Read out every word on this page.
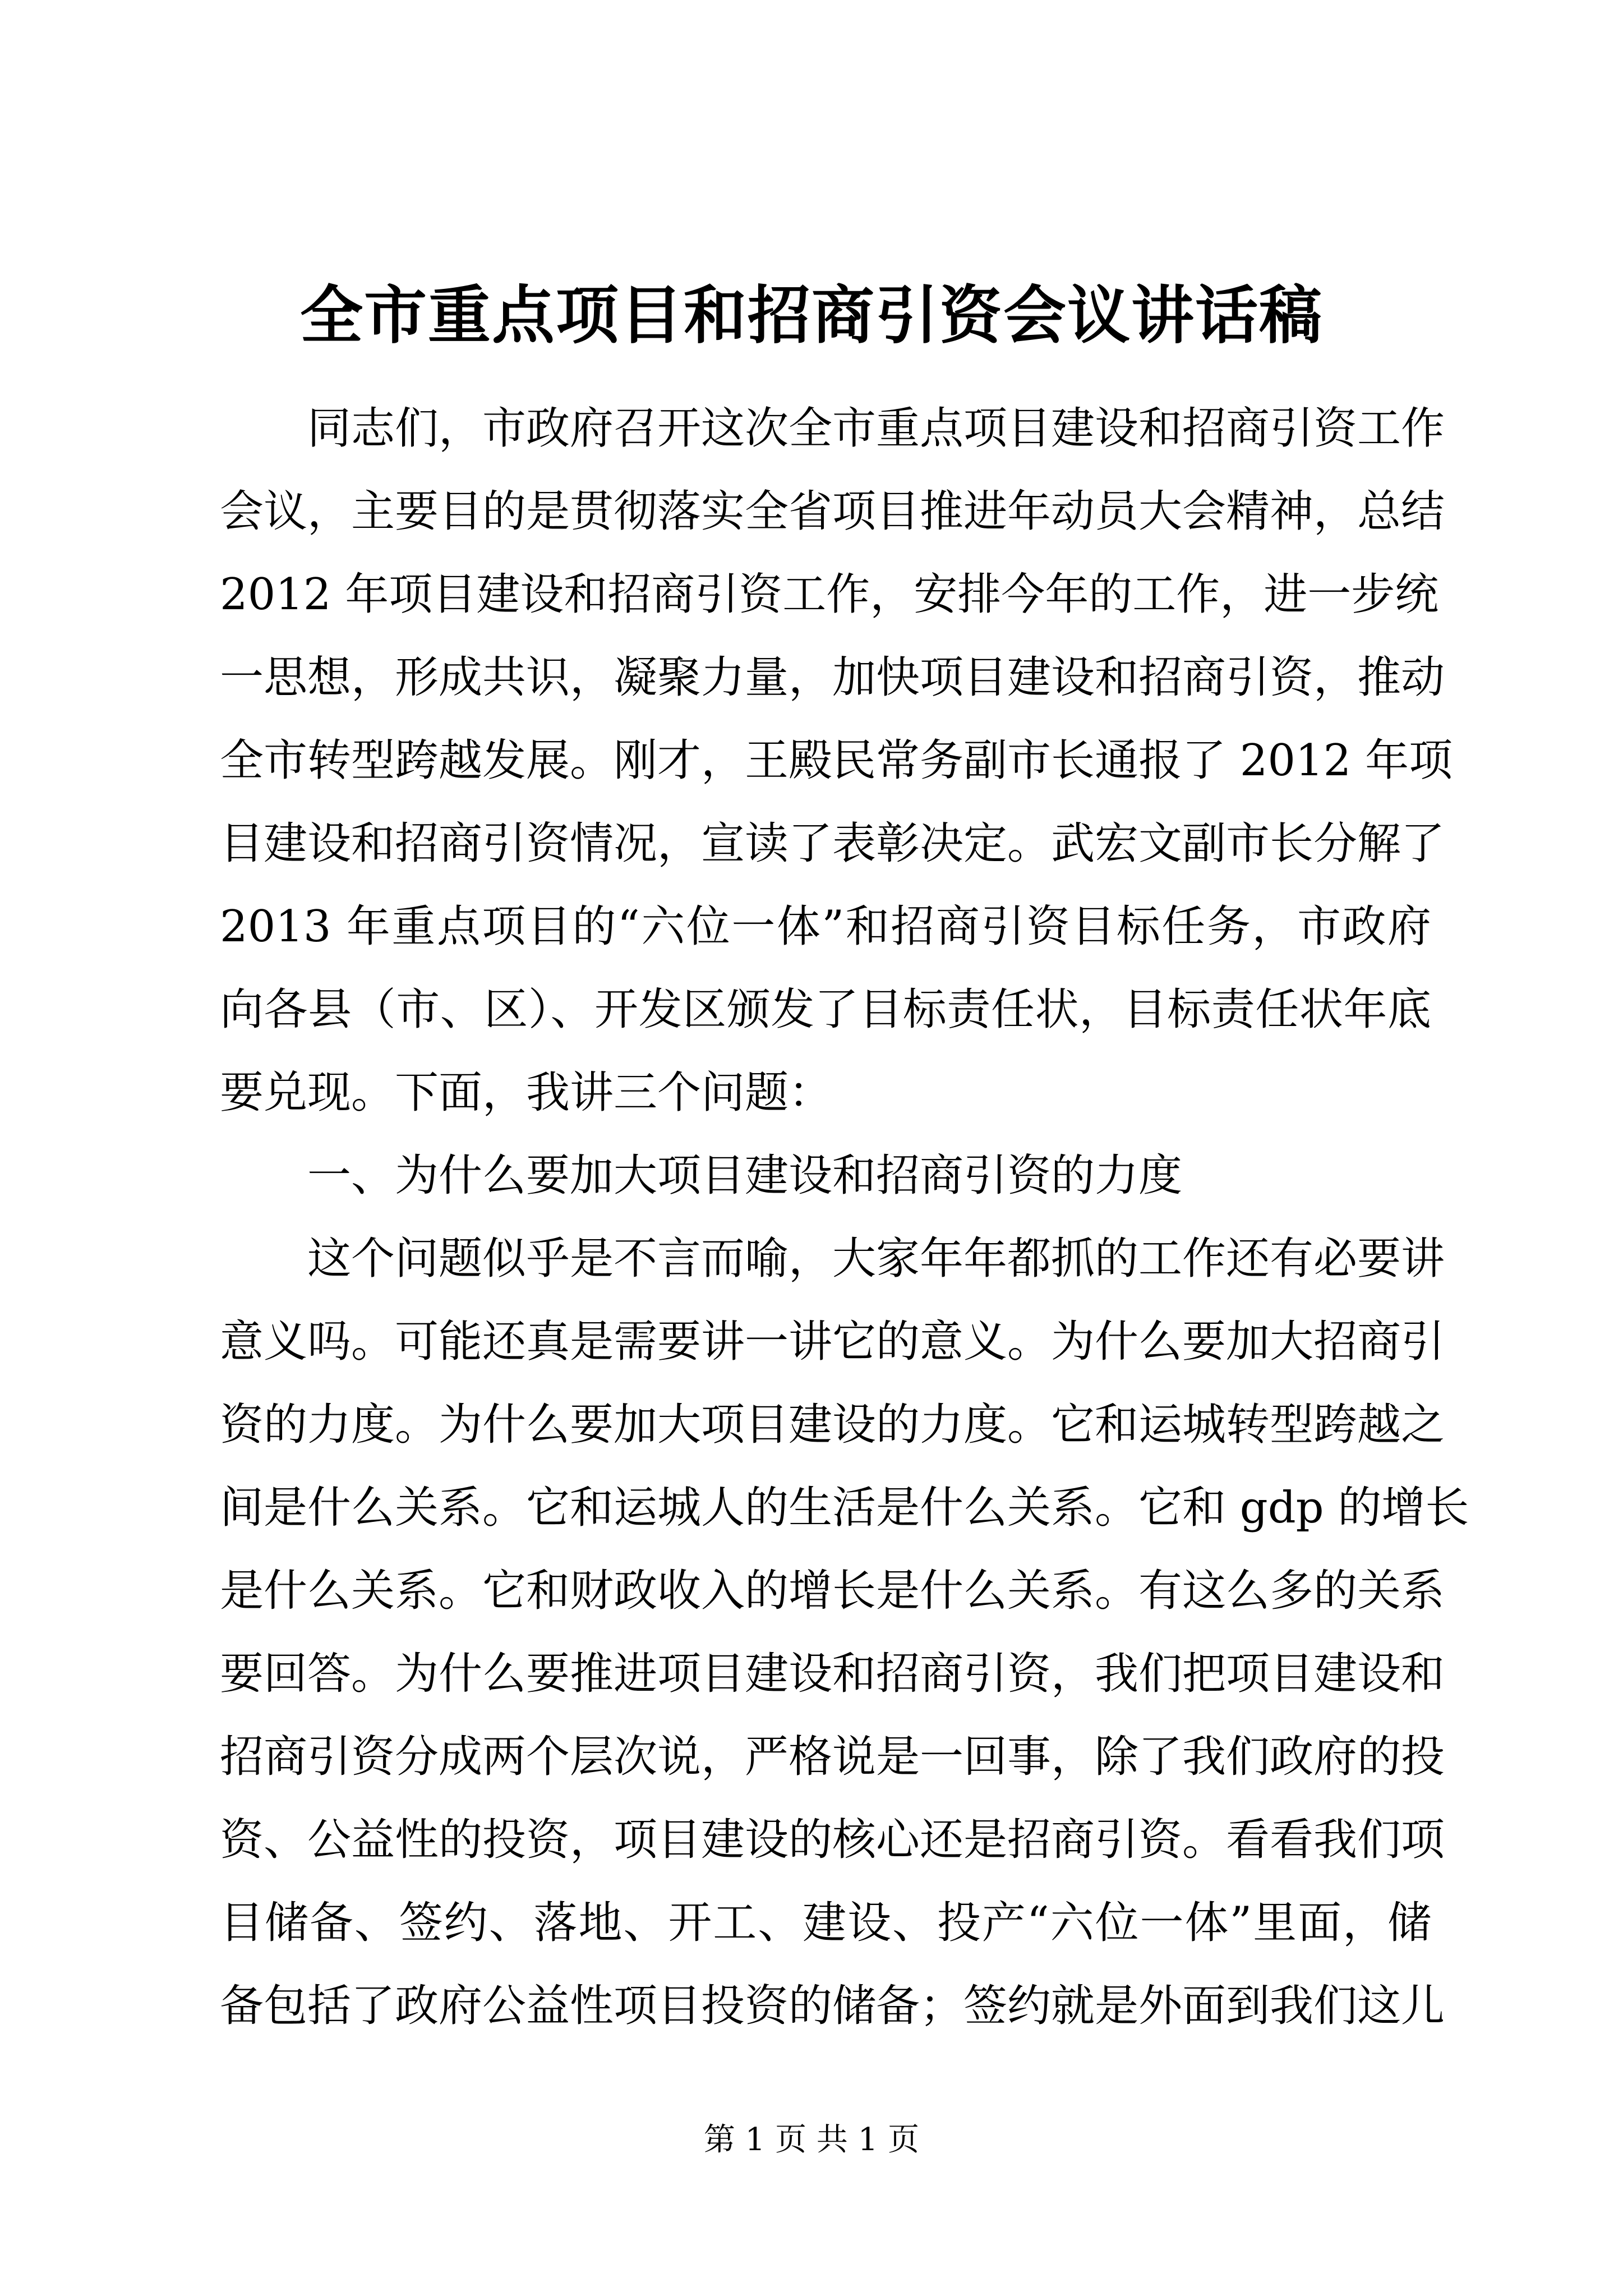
全市重点项目和招商引资会议讲话稿
同志们，市政府召开这次全市重点项目建设和招商引资工作
会议，主要目的是贯彻落实全省项目推进年动员大会精神，总结
2012 年项目建设和招商引资工作，安排今年的工作，进一步统
一思想，形成共识，凝聚力量，加快项目建设和招商引资，推动
全市转型跨越发展。刚才，王殿民常务副市长通报了 2012 年项
目建设和招商引资情况，宣读了表彰决定。武宏文副市长分解了
2013 年重点项目的“六位一体”和招商引资目标任务，市政府
向各县（市、区）、开发区颁发了目标责任状，目标责任状年底
要兑现。下面，我讲三个问题：
一、为什么要加大项目建设和招商引资的力度
这个问题似乎是不言而喻，大家年年都抓的工作还有必要讲
意义吗。可能还真是需要讲一讲它的意义。为什么要加大招商引
资的力度。为什么要加大项目建设的力度。它和运城转型跨越之
间是什么关系。它和运城人的生活是什么关系。它和 gdp 的增长
是什么关系。它和财政收入的增长是什么关系。有这么多的关系
要回答。为什么要推进项目建设和招商引资，我们把项目建设和
招商引资分成两个层次说，严格说是一回事，除了我们政府的投
资、公益性的投资，项目建设的核心还是招商引资。看看我们项
目储备、签约、落地、开工、建设、投产“六位一体”里面，储
备包括了政府公益性项目投资的储备；签约就是外面到我们这儿
第 1 页 共 1 页
